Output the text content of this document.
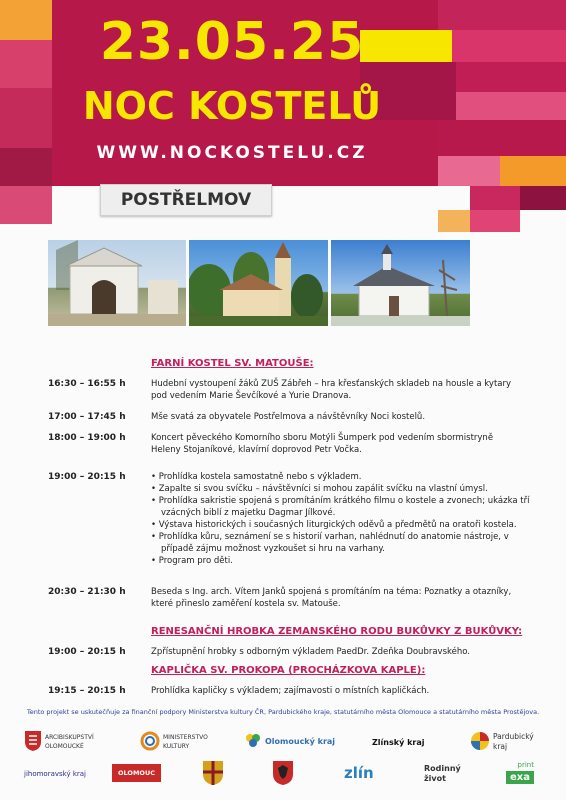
23.05.25
NOC KOSTELŮ
WWW.NOCKOSTELU.CZ
POSTŘELMOV
FARNÍ KOSTEL SV. MATOUŠE:
16:30 – 16:55 h	Hudební vystoupení žáků ZUŠ Zábřeh – hra křesťanských skladeb na housle a kytary

pod vedením Marie Ševčíkové a Yurie Dranova.

17:00 – 17:45 h	Mše svatá za obyvatele Postřelmova a návštěvníky Noci kostelů.

18:00 – 19:00 h	Koncert pěveckého Komorního sboru Motýli Šumperk pod vedením sbormistryně

Heleny Stojaníkové, klavírní doprovod Petr Vočka.

19:00 – 20:15 h	• Prohlídka kostela samostatně nebo s výkladem.

• Zapalte si svou svíčku – návštěvníci si mohou zapálit svíčku na vlastní úmysl.

• Prohlídka sakristie spojená s promítáním krátkého filmu o kostele a zvonech; ukázka tří vzácných biblí z majetku Dagmar Jílkové.

• Výstava historických i současných liturgických oděvů a předmětů na oratoři kostela.

• Prohlídka kůru, seznámení se s historií varhan, nahlédnutí do anatomie nástroje, v případě zájmu možnost vyzkoušet si hru na varhany.

• Program pro děti.

20:30 – 21:30 h	Beseda s Ing. arch. Vítem Janků spojená s promítáním na téma: Poznatky a otazníky,

které přineslo zaměření kostela sv. Matouše.

RENESANČNÍ HROBKA ZEMANSKÉHO RODU BUKŮVKY Z BUKŮVKY:
19:00 – 20:15 h	Zpřístupnění hrobky s odborným výkladem PaedDr. Zdeňka Doubravského.

KAPLIČKA SV. PROKOPA (PROCHÁZKOVA KAPLE):
19:15 – 20:15 h	Prohlídka kapličky s výkladem; zajímavosti o místních kapličkách.

Tento projekt se uskutečňuje za finanční podpory Ministerstva kultury ČR, Pardubického kraje, statutárního města Olomouce a statutárního města Prostějova.
ARCIBISKUPSTVÍ
OLOMOUCKÉ
MINISTERSTVO
KULTURY
Olomoucký kraj	Zlínský kraj
Pardubický
kraj
jihomoravský kraj	OLOMOUC	zlín	Rodinný
život
print
exa
